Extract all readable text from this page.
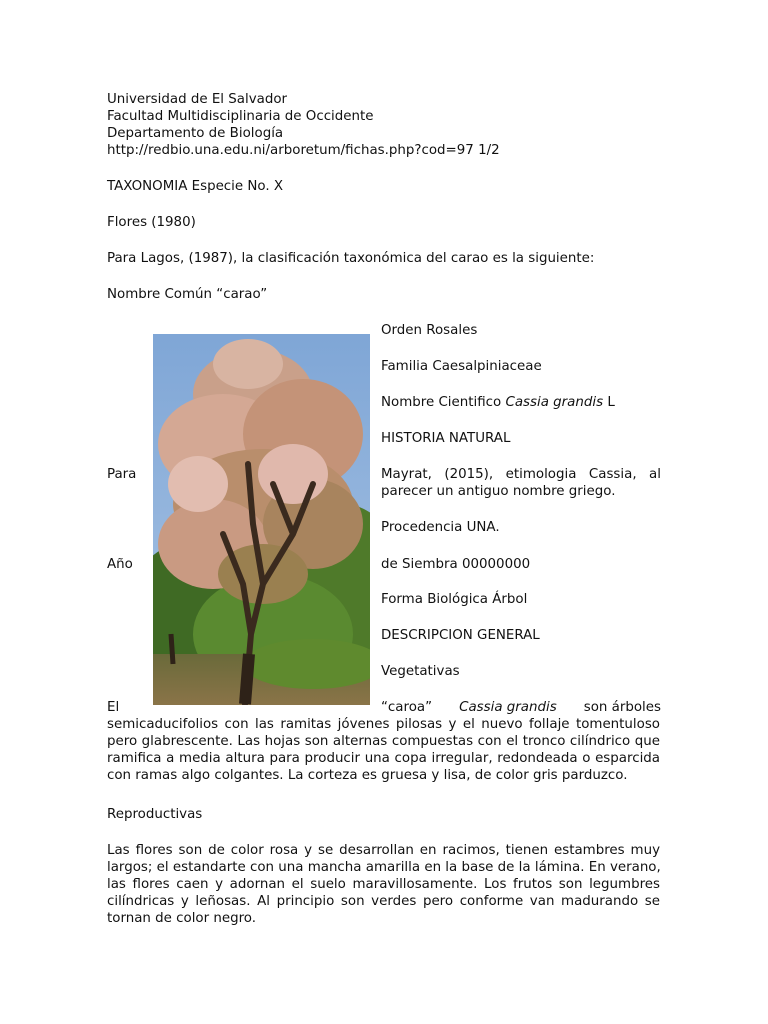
Universidad de El Salvador
Facultad Multidisciplinaria de Occidente
Departamento de Biología
http://redbio.una.edu.ni/arboretum/fichas.php?cod=97 1/2
TAXONOMIA Especie No. X
Flores (1980)
Para Lagos, (1987), la clasificación taxonómica del carao es la siguiente:
Nombre Común “carao”
Orden Rosales
Familia Caesalpiniaceae
Nombre Cientifico Cassia grandis L
HISTORIA NATURAL
Para	Mayrat, (2015), etimologia Cassia, al
parecer un antiguo nombre griego.
Procedencia UNA.
Año	de Siembra 00000000
Forma Biológica Árbol
DESCRIPCION GENERAL
Vegetativas
El	“caroa” Cassia grandis son árboles
semicaducifolios con las ramitas jóvenes pilosas y el nuevo follaje tomentuloso
pero glabrescente. Las hojas son alternas compuestas con el tronco cilíndrico que
ramifica a media altura para producir una copa irregular, redondeada o esparcida
con ramas algo colgantes. La corteza es gruesa y lisa, de color gris parduzco.
Reproductivas
Las flores son de color rosa y se desarrollan en racimos, tienen estambres muy
largos; el estandarte con una mancha amarilla en la base de la lámina. En verano,
las flores caen y adornan el suelo maravillosamente. Los frutos son legumbres
cilíndricas y leñosas. Al principio son verdes pero conforme van madurando se
tornan de color negro.
